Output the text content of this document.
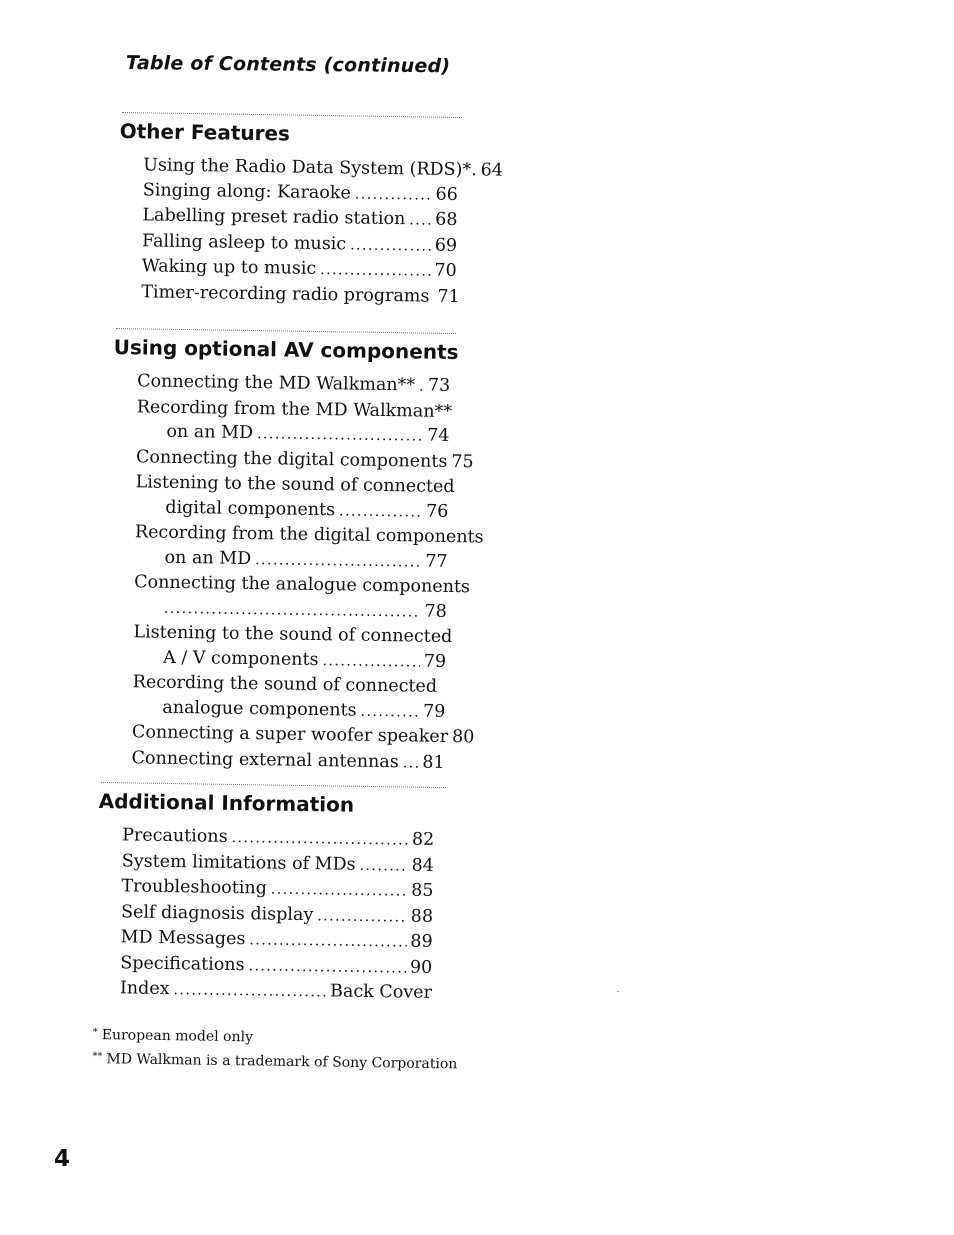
Table of Contents (continued)
Other Features
Using the Radio Data System (RDS)*. 64
Singing along: Karaoke .....	66
Labelling preset radio station ..... 68
Falling asleep to music .....	69
Waking up to music .....	70
Timer-recording radio programs ..... 71
Using optional AV components
Connecting the MD Walkman** ..... 73
Recording from the MD Walkman**
on an MD .....	74
Connecting the digital components ..... 75
Listening to the sound of connected
digital components .....	76
Recording from the digital components
on an MD .....	77
Connecting the analogue components
.....
78
Listening to the sound of connected
A / V components .....	79
Recording the sound of connected
analogue components .....	79
Connecting a super woofer speaker ..... 80
Connecting external antennas ..... 81
Additional Information
Precautions .....	82
System limitations of MDs .....	84
Troubleshooting .....	85
Self diagnosis display .....	88
MD Messages .....	89
Specifications .....	90
Index .....	Back Cover
* European model only
** MD Walkman is a trademark of Sony Corporation
4
